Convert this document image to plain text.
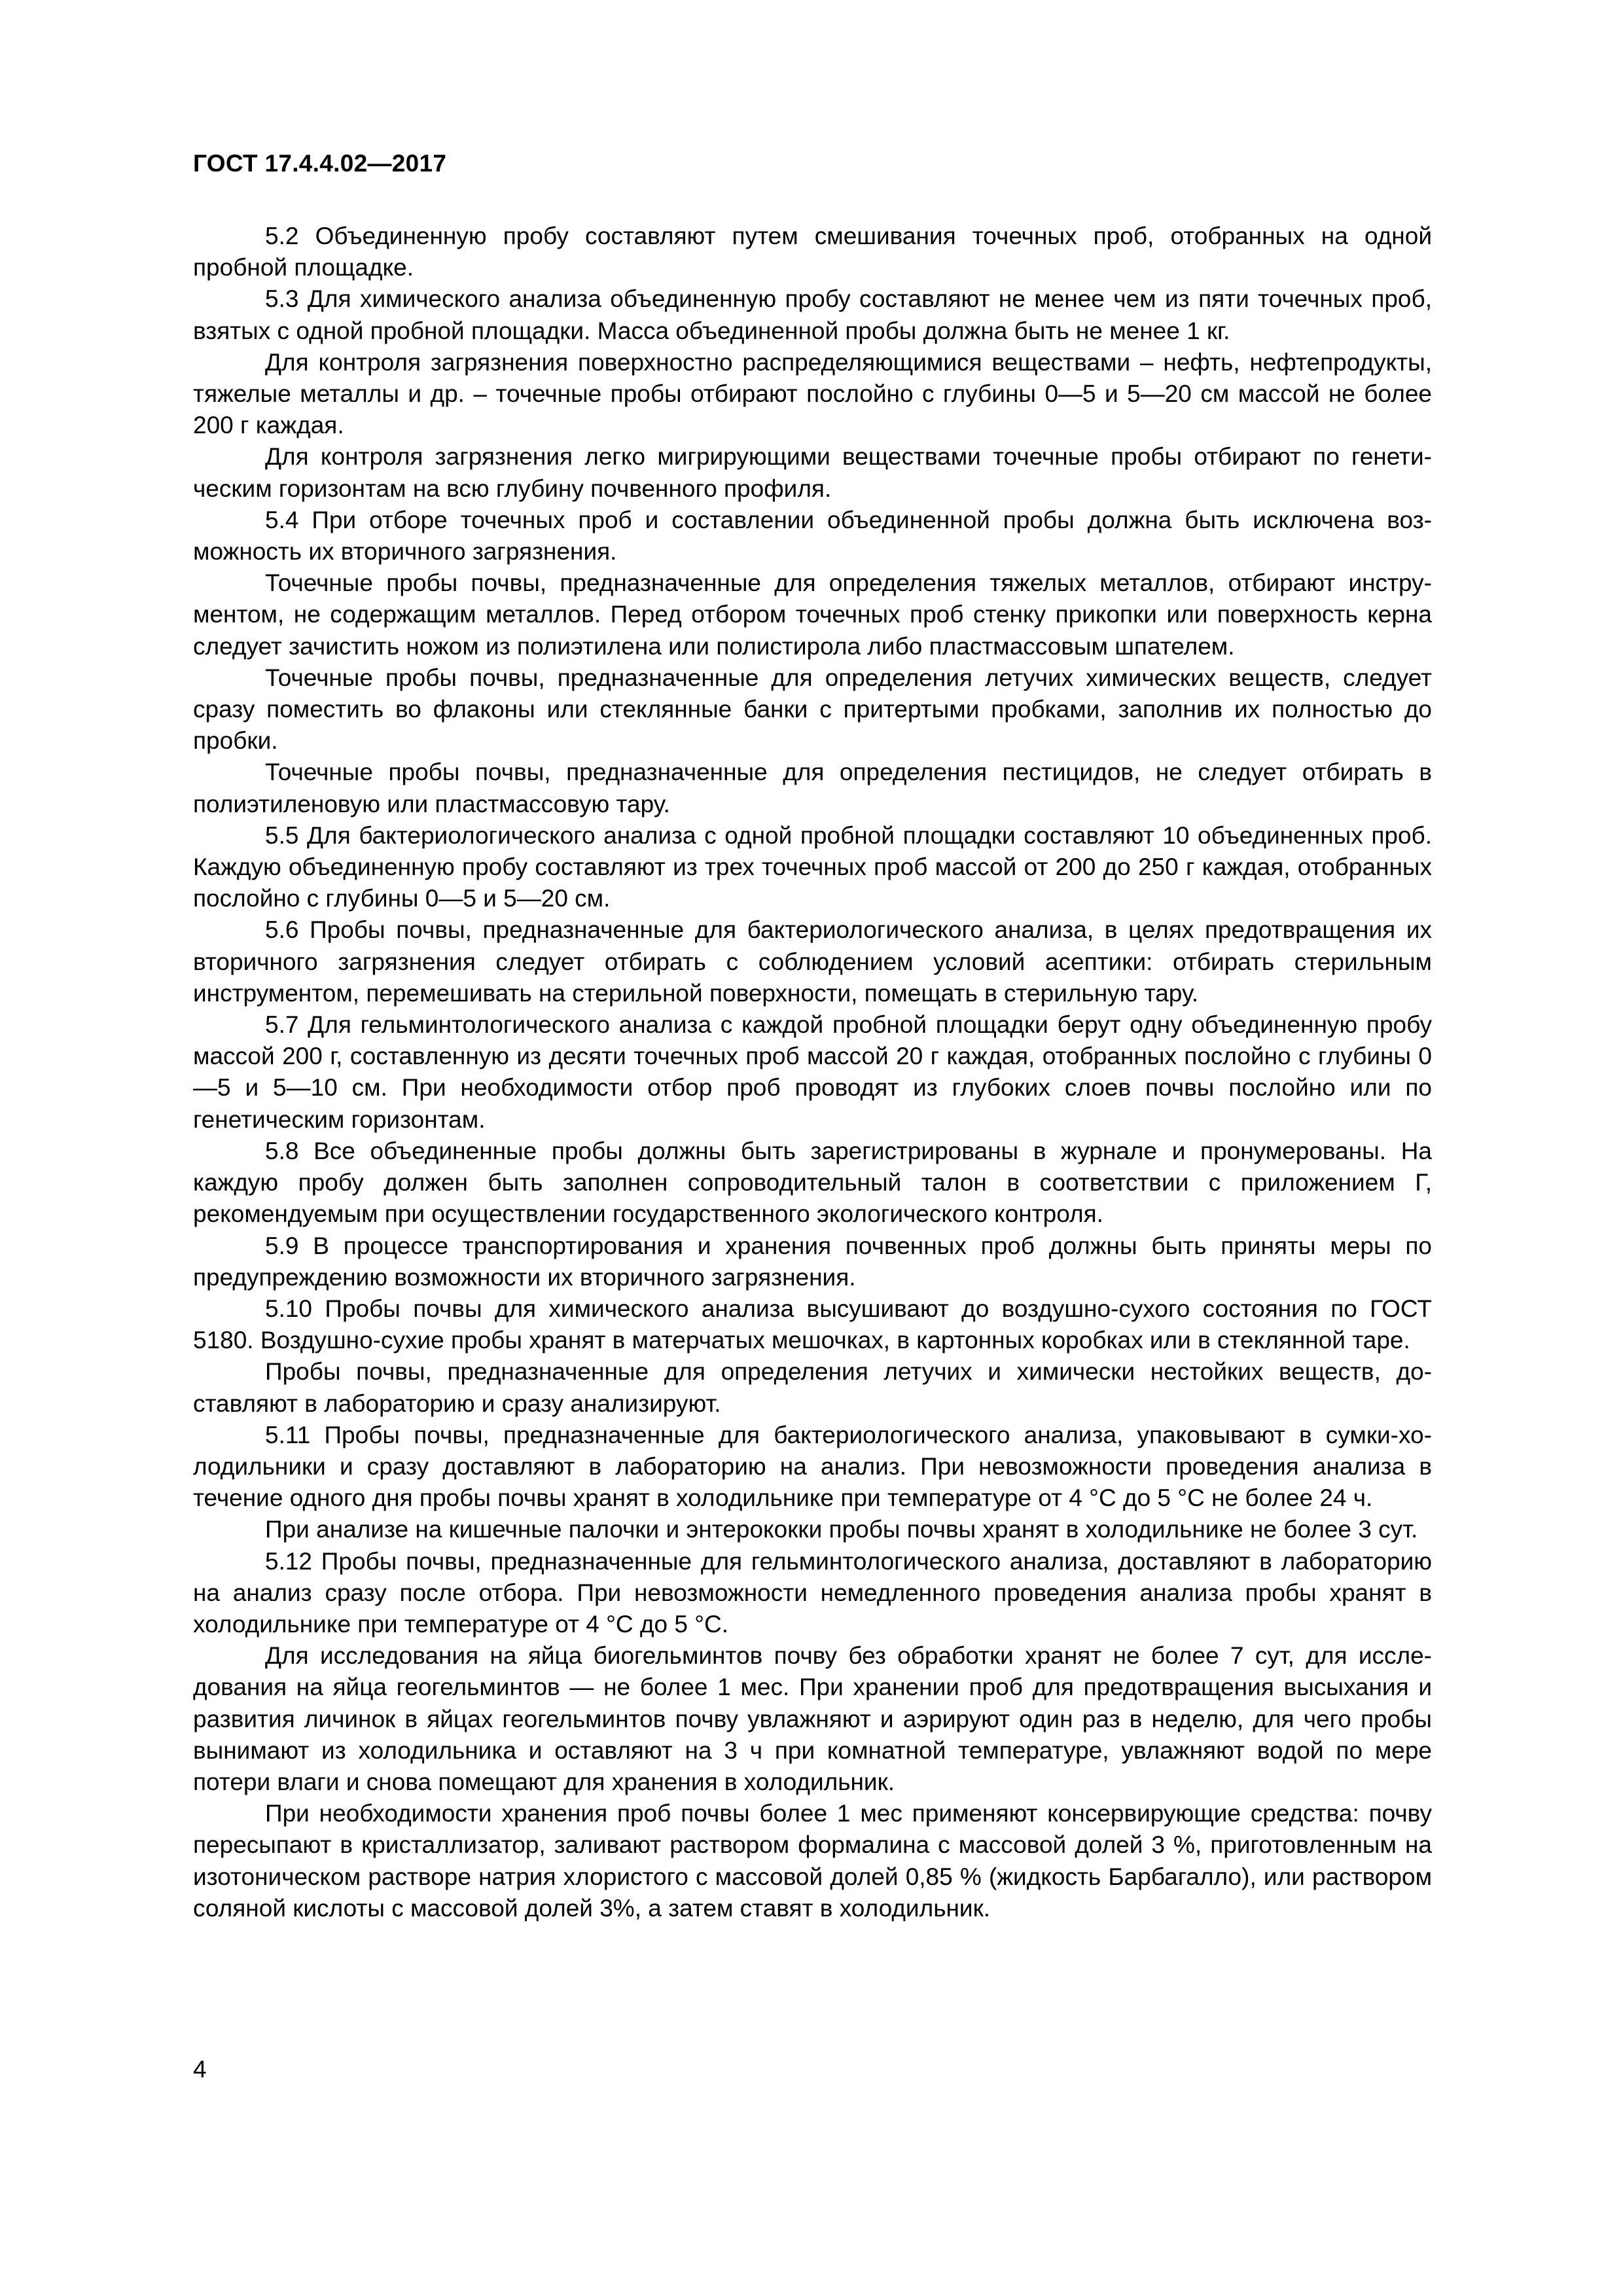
ГОСТ 17.4.4.02—2017

5.2 Объединенную пробу составляют путем смешивания точечных проб, отобранных на одной пробной площадке.

5.3 Для химического анализа объединенную пробу составляют не менее чем из пяти точечных проб, взятых с одной пробной площадки. Масса объединенной пробы должна быть не менее 1 кг.

Для контроля загрязнения поверхностно распределяющимися веществами – нефть, нефтепродукты, тяжелые металлы и др. – точечные пробы отбирают послойно с глубины 0—5 и 5—20 см массой не более 200 г каждая.

Для контроля загрязнения легко мигрирующими веществами точечные пробы отбирают по генетическим горизонтам на всю глубину почвенного профиля.

5.4 При отборе точечных проб и составлении объединенной пробы должна быть исключена возможность их вторичного загрязнения.

Точечные пробы почвы, предназначенные для определения тяжелых металлов, отбирают инструментом, не содержащим металлов. Перед отбором точечных проб стенку прикопки или поверхность керна следует зачистить ножом из полиэтилена или полистирола либо пластмассовым шпателем.

Точечные пробы почвы, предназначенные для определения летучих химических веществ, следует сразу поместить во флаконы или стеклянные банки с притертыми пробками, заполнив их полностью до пробки.

Точечные пробы почвы, предназначенные для определения пестицидов, не следует отбирать в полиэтиленовую или пластмассовую тару.

5.5 Для бактериологического анализа с одной пробной площадки составляют 10 объединенных проб. Каждую объединенную пробу составляют из трех точечных проб массой от 200 до 250 г каждая, отобранных послойно с глубины 0—5 и 5—20 см.

5.6 Пробы почвы, предназначенные для бактериологического анализа, в целях предотвращения их вторичного загрязнения следует отбирать с соблюдением условий асептики: отбирать стерильным инструментом, перемешивать на стерильной поверхности, помещать в стерильную тару.

5.7 Для гельминтологического анализа с каждой пробной площадки берут одну объединенную пробу массой 200 г, составленную из десяти точечных проб массой 20 г каждая, отобранных послойно с глубины 0—5 и 5—10 см. При необходимости отбор проб проводят из глубоких слоев почвы послойно или по генетическим горизонтам.

5.8 Все объединенные пробы должны быть зарегистрированы в журнале и пронумерованы. На каждую пробу должен быть заполнен сопроводительный талон в соответствии с приложением Г, рекомендуемым при осуществлении государственного экологического контроля.

5.9 В процессе транспортирования и хранения почвенных проб должны быть приняты меры по предупреждению возможности их вторичного загрязнения.

5.10 Пробы почвы для химического анализа высушивают до воздушно-сухого состояния по ГОСТ 5180. Воздушно-сухие пробы хранят в матерчатых мешочках, в картонных коробках или в стеклянной таре.

Пробы почвы, предназначенные для определения летучих и химически нестойких веществ, доставляют в лабораторию и сразу анализируют.

5.11 Пробы почвы, предназначенные для бактериологического анализа, упаковывают в сумки-холодильники и сразу доставляют в лабораторию на анализ. При невозможности проведения анализа в течение одного дня пробы почвы хранят в холодильнике при температуре от 4 °С до 5 °С не более 24 ч.

При анализе на кишечные палочки и энтерококки пробы почвы хранят в холодильнике не более 3 сут.

5.12 Пробы почвы, предназначенные для гельминтологического анализа, доставляют в лабораторию на анализ сразу после отбора. При невозможности немедленного проведения анализа пробы хранят в холодильнике при температуре от 4 °С до 5 °С.

Для исследования на яйца биогельминтов почву без обработки хранят не более 7 сут, для исследования на яйца геогельминтов — не более 1 мес. При хранении проб для предотвращения высыхания и развития личинок в яйцах геогельминтов почву увлажняют и аэрируют один раз в неделю, для чего пробы вынимают из холодильника и оставляют на 3 ч при комнатной температуре, увлажняют водой по мере потери влаги и снова помещают для хранения в холодильник.

При необходимости хранения проб почвы более 1 мес применяют консервирующие средства: почву пересыпают в кристаллизатор, заливают раствором формалина с массовой долей 3 %, приготовленным на изотоническом растворе натрия хлористого с массовой долей 0,85 % (жидкость Барбагалло), или раствором соляной кислоты с массовой долей 3%, а затем ставят в холодильник.

4
